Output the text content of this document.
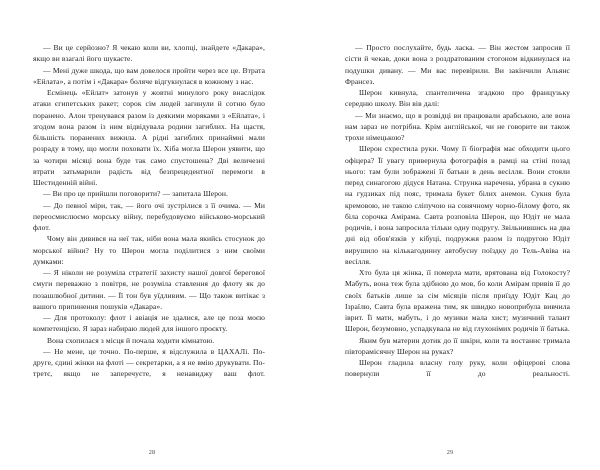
— Ви це серйозно? Я чекаю коли ви, хлопці, знайдете «Дакара», якщо ви взагалі його шукаєте.

— Мені дуже шкода, що вам довелося пройти через все це. Втрата «Ейлата», а потім і «Дакара» боляче відгукнулася в кожному з нас.

Есмінець «Ейлат» затонув у жовтні минулого року внаслідок атаки єгипетських ракет; сорок сім людей загинули й сотню було поранено. Алон тренувався разом із деякими моряками з «Ейлата», і згодом вона разом із ним відвідувала родини загиблих. На щастя, більшість поранених вижила. А рідні загиблих принаймні мали розраду в тому, що могли поховати їх. Хіба могла Шерон уявити, що за чотири місяці вона буде так само спустошена? Дві величезні втрати затьмарили радість від безпрецедентної перемоги в Шестиденній війні.

— Ви про це прийшли поговорити? — запитала Шерон.

— До певної міри, так, — його очі зустрілися з її очима. — Ми переосмислюємо морську війну, перебудовуємо військово-морський флот.

Чому він дивився на неї так, ніби вона мала якийсь стосунок до морської війни? Ну то Шерон могла поділитися з ним своїми думками:

— Я ніколи не розуміла стратегії захисту нашої довгої берегової смуги переважно з повітря, не розуміла ставлення до флоту як до позашлюбної дитини. — Її тон був уїдливим. — Що також витікає з вашого припинення пошуків «Дакара».

— Для протоколу: флот і авіація не здалися, але це поза моєю компетенцією. Я зараз набираю людей для іншого проєкту.

Вона схопилася з місця й почала ходити кімнатою.

— Не мене, це точно. По-перше, я відслужила в ЦАХАЛі. По-друге, єдині жінки на флоті — секретарки, а я не вмію друкувати. По-третє, якщо не заперечуєте, я ненавиджу ваш флот.

28

— Просто послухайте, будь ласка. — Він жестом запросив її сісти й чекав, доки вона з роздратованим стогоном відкинулася на подушки дивану. — Ми вас перевірили. Ви закінчили Альянс Франсез.

Шерон кивнула, спантеличена згадкою про французьку середню школу. Він вів далі:

— Ми знаємо, що в розвідці ви працювали арабською, але вона нам зараз не потрібна. Крім англійської, чи не говорите ви також трохи німецькою?

Шерон схрестила руки. Чому її біографія має обходити цього офіцера? Її увагу привернула фотографія в рамці на стіні позад нього: там були зображені її батьки в день весілля. Вони стояли перед синагогою дідуся Натана. Струнка наречена, убрана в сукню на гудзиках під пояс, тримала букет білих анемон. Сукня була кремовою, не такою сліпучою на сонячному чорно-білому фото, як біла сорочка Амірама. Савта розповіла Шерон, що Юдіт не мала родичів, і вона запросила тільки одну подругу. Звільнившись на два дні від обов'язків у кібуці, подружжя разом із подругою Юдіт вирушило на кількагодинну автобусну поїздку до Тель-Авіва на весілля.

Хто була ця жінка, її померла мати, врятована від Голокосту? Мабуть, вона теж була здібною до мов, бо коли Амірам привів її до своїх батьків лише за сім місяців після приїзду Юдіт Кац до Ізраїлю, Савта була вражена тим, як швидко новоприбула вивчила іврит. Її мати, мабуть, і до музики мала хист; музичний талант Шерон, безумовно, успадкувала не від глухонімих родичів її батька.

Яким був материн дотик до її шкіри, коли та востаннє тримала півторамісячну Шерон на руках?

Шерон гладила власну голу руку, коли офіцерові слова повернули її до реальності.

29
